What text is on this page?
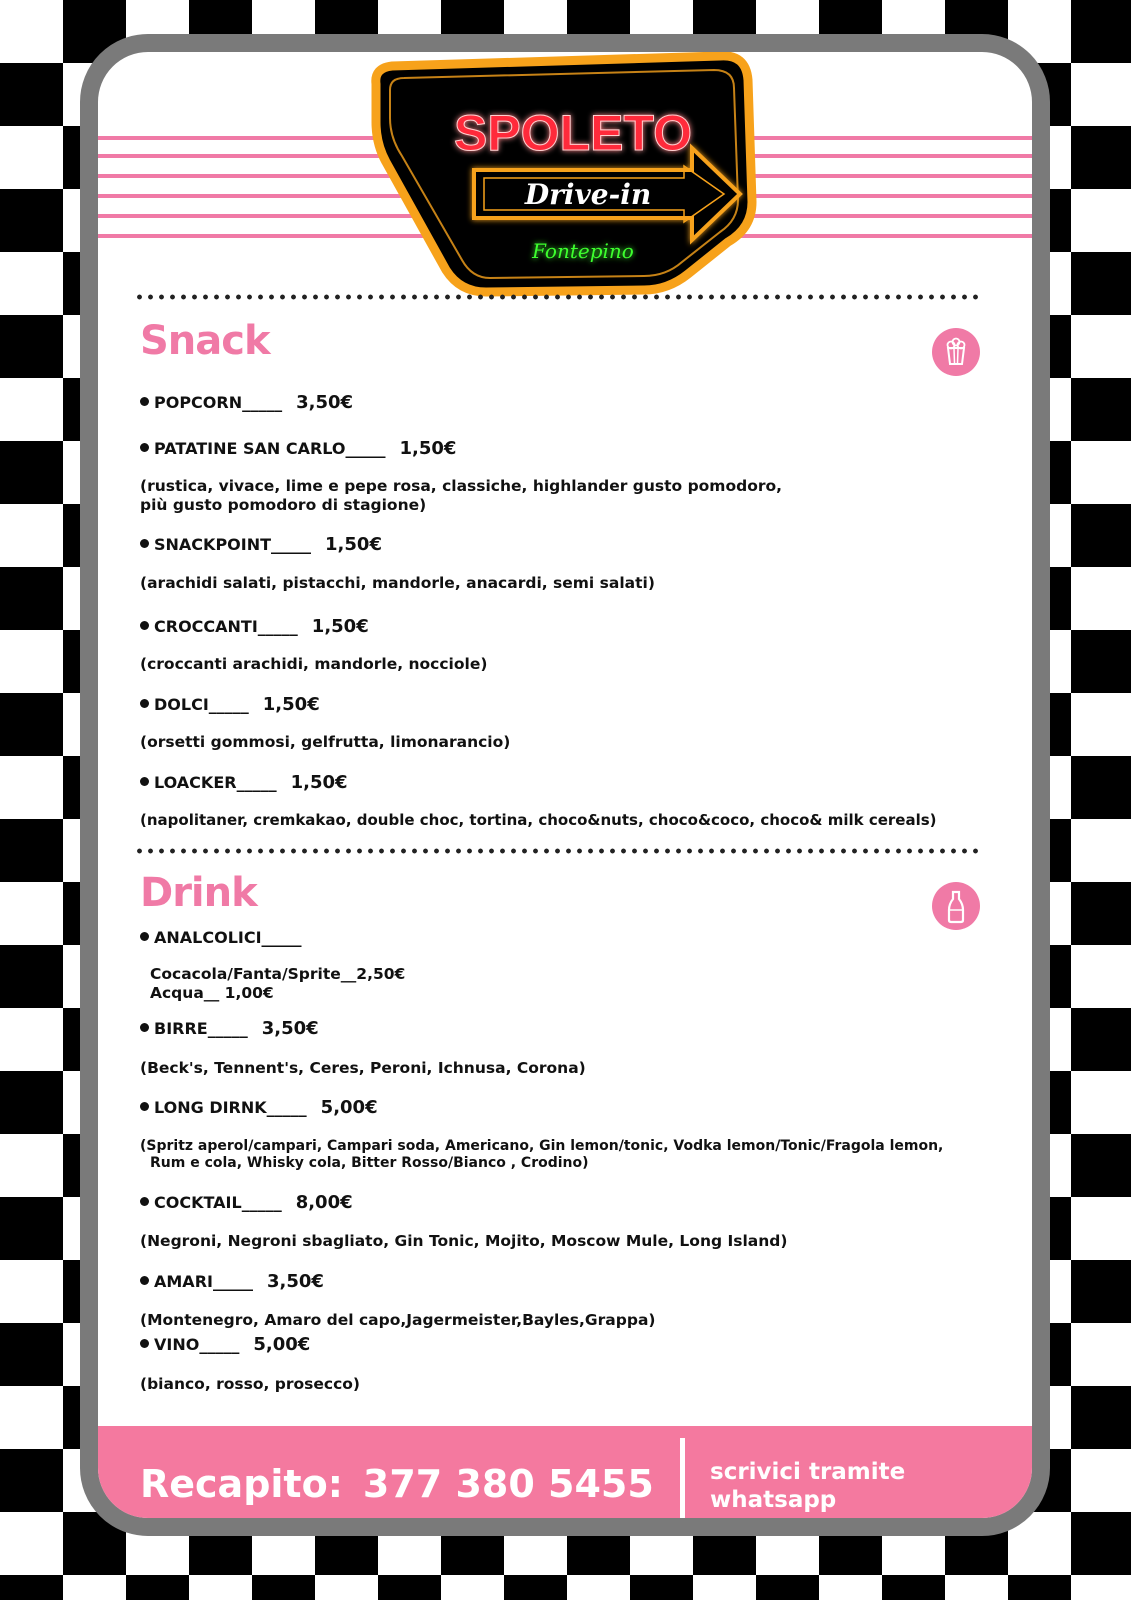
SPOLETO
Drive-in
Fontepino
Snack
POPCORN_____ 3,50€
PATATINE SAN CARLO_____ 1,50€
(rustica, vivace, lime e pepe rosa, classiche, highlander gusto pomodoro,
più gusto pomodoro di stagione)
SNACKPOINT_____ 1,50€
(arachidi salati, pistacchi, mandorle, anacardi, semi salati)
CROCCANTI_____ 1,50€
(croccanti arachidi, mandorle, nocciole)
DOLCI_____ 1,50€
(orsetti gommosi, gelfrutta, limonarancio)
LOACKER_____ 1,50€
(napolitaner, cremkakao, double choc, tortina, choco&nuts, choco&coco, choco& milk cereals)
Drink
ANALCOLICI_____
Cocacola/Fanta/Sprite__2,50€
Acqua__ 1,00€
BIRRE_____ 3,50€
(Beck's, Tennent's, Ceres, Peroni, Ichnusa, Corona)
LONG DIRNK_____ 5,00€
(Spritz aperol/campari, Campari soda, Americano, Gin lemon/tonic, Vodka lemon/Tonic/Fragola lemon,
Rum e cola, Whisky cola, Bitter Rosso/Bianco , Crodino)
COCKTAIL_____ 8,00€
(Negroni, Negroni sbagliato, Gin Tonic, Mojito, Moscow Mule, Long Island)
AMARI_____ 3,50€
(Montenegro, Amaro del capo,Jagermeister,Bayles,Grappa)
VINO_____ 5,00€
(bianco, rosso, prosecco)
Recapito: 377 380 5455 scrivici tramite
whatsapp
